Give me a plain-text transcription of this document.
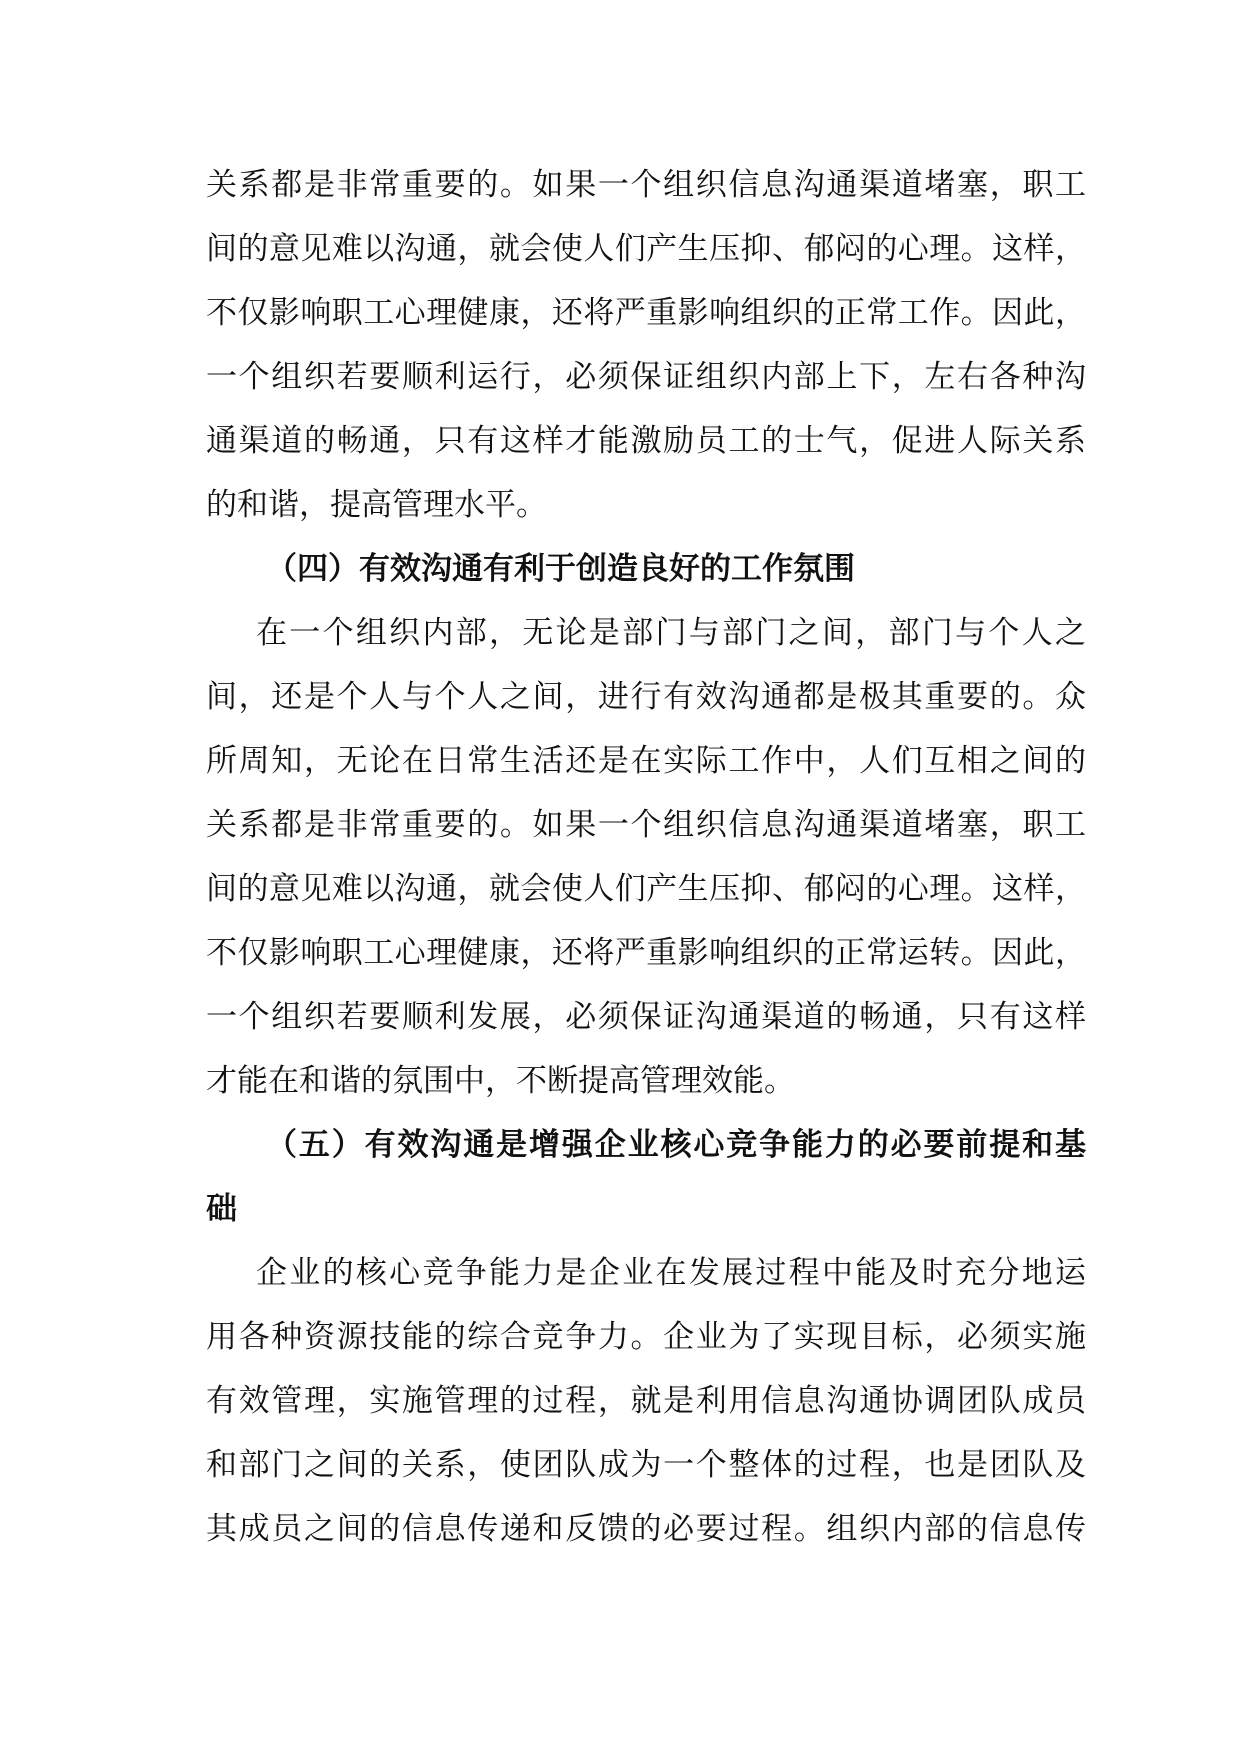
关系都是非常重要的。如果一个组织信息沟通渠道堵塞，职工
间的意见难以沟通，就会使人们产生压抑、郁闷的心理。这样，
不仅影响职工心理健康，还将严重影响组织的正常工作。因此，
一个组织若要顺利运行，必须保证组织内部上下，左右各种沟
通渠道的畅通，只有这样才能激励员工的士气，促进人际关系
的和谐，提高管理水平。
（四）有效沟通有利于创造良好的工作氛围
在一个组织内部，无论是部门与部门之间，部门与个人之
间，还是个人与个人之间，进行有效沟通都是极其重要的。众
所周知，无论在日常生活还是在实际工作中，人们互相之间的
关系都是非常重要的。如果一个组织信息沟通渠道堵塞，职工
间的意见难以沟通，就会使人们产生压抑、郁闷的心理。这样，
不仅影响职工心理健康，还将严重影响组织的正常运转。因此，
一个组织若要顺利发展，必须保证沟通渠道的畅通，只有这样
才能在和谐的氛围中，不断提高管理效能。
（五）有效沟通是增强企业核心竞争能力的必要前提和基
础
企业的核心竞争能力是企业在发展过程中能及时充分地运
用各种资源技能的综合竞争力。企业为了实现目标，必须实施
有效管理，实施管理的过程，就是利用信息沟通协调团队成员
和部门之间的关系，使团队成为一个整体的过程，也是团队及
其成员之间的信息传递和反馈的必要过程。组织内部的信息传
